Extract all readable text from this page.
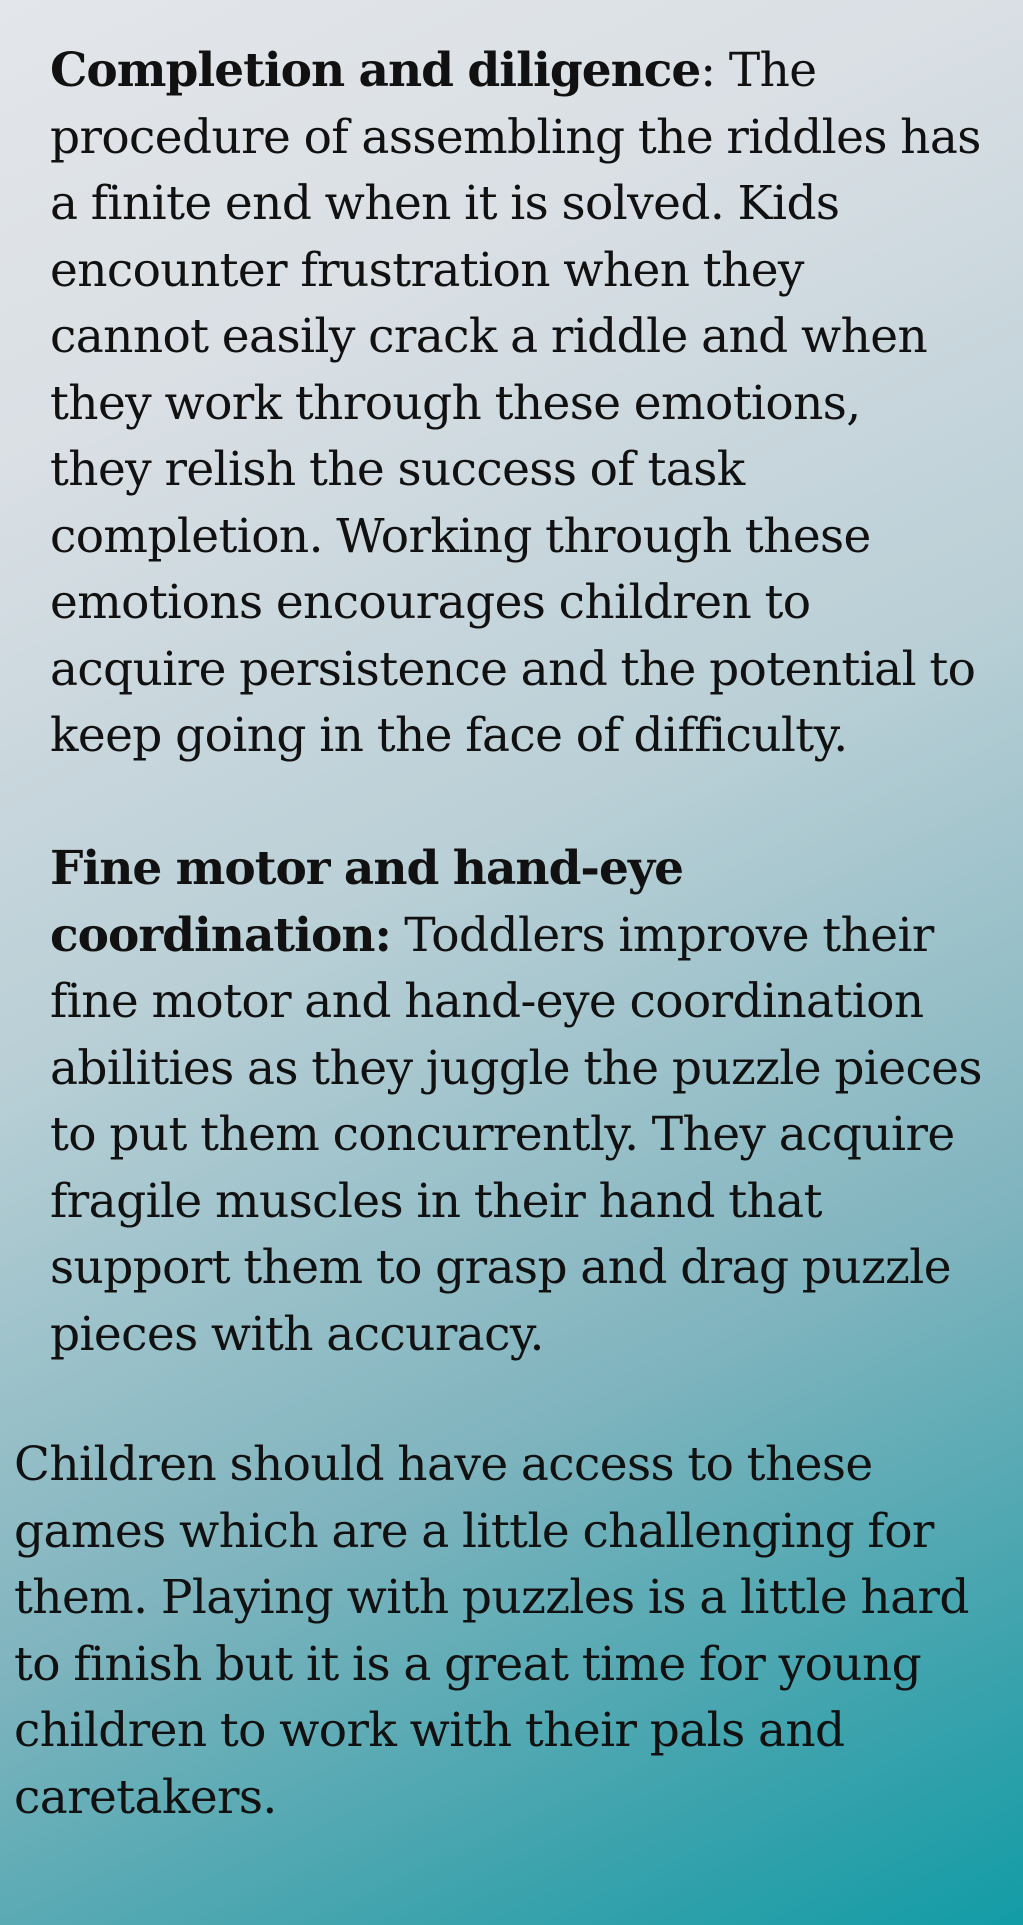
Completion and diligence: The
procedure of assembling the riddles has
a finite end when it is solved. Kids
encounter frustration when they
cannot easily crack a riddle and when
they work through these emotions,
they relish the success of task
completion. Working through these
emotions encourages children to
acquire persistence and the potential to
keep going in the face of difficulty.

Fine motor and hand-eye
coordination: Toddlers improve their
fine motor and hand-eye coordination
abilities as they juggle the puzzle pieces
to put them concurrently. They acquire
fragile muscles in their hand that
support them to grasp and drag puzzle
pieces with accuracy.

Children should have access to these
games which are a little challenging for
them. Playing with puzzles is a little hard
to finish but it is a great time for young
children to work with their pals and
caretakers.
